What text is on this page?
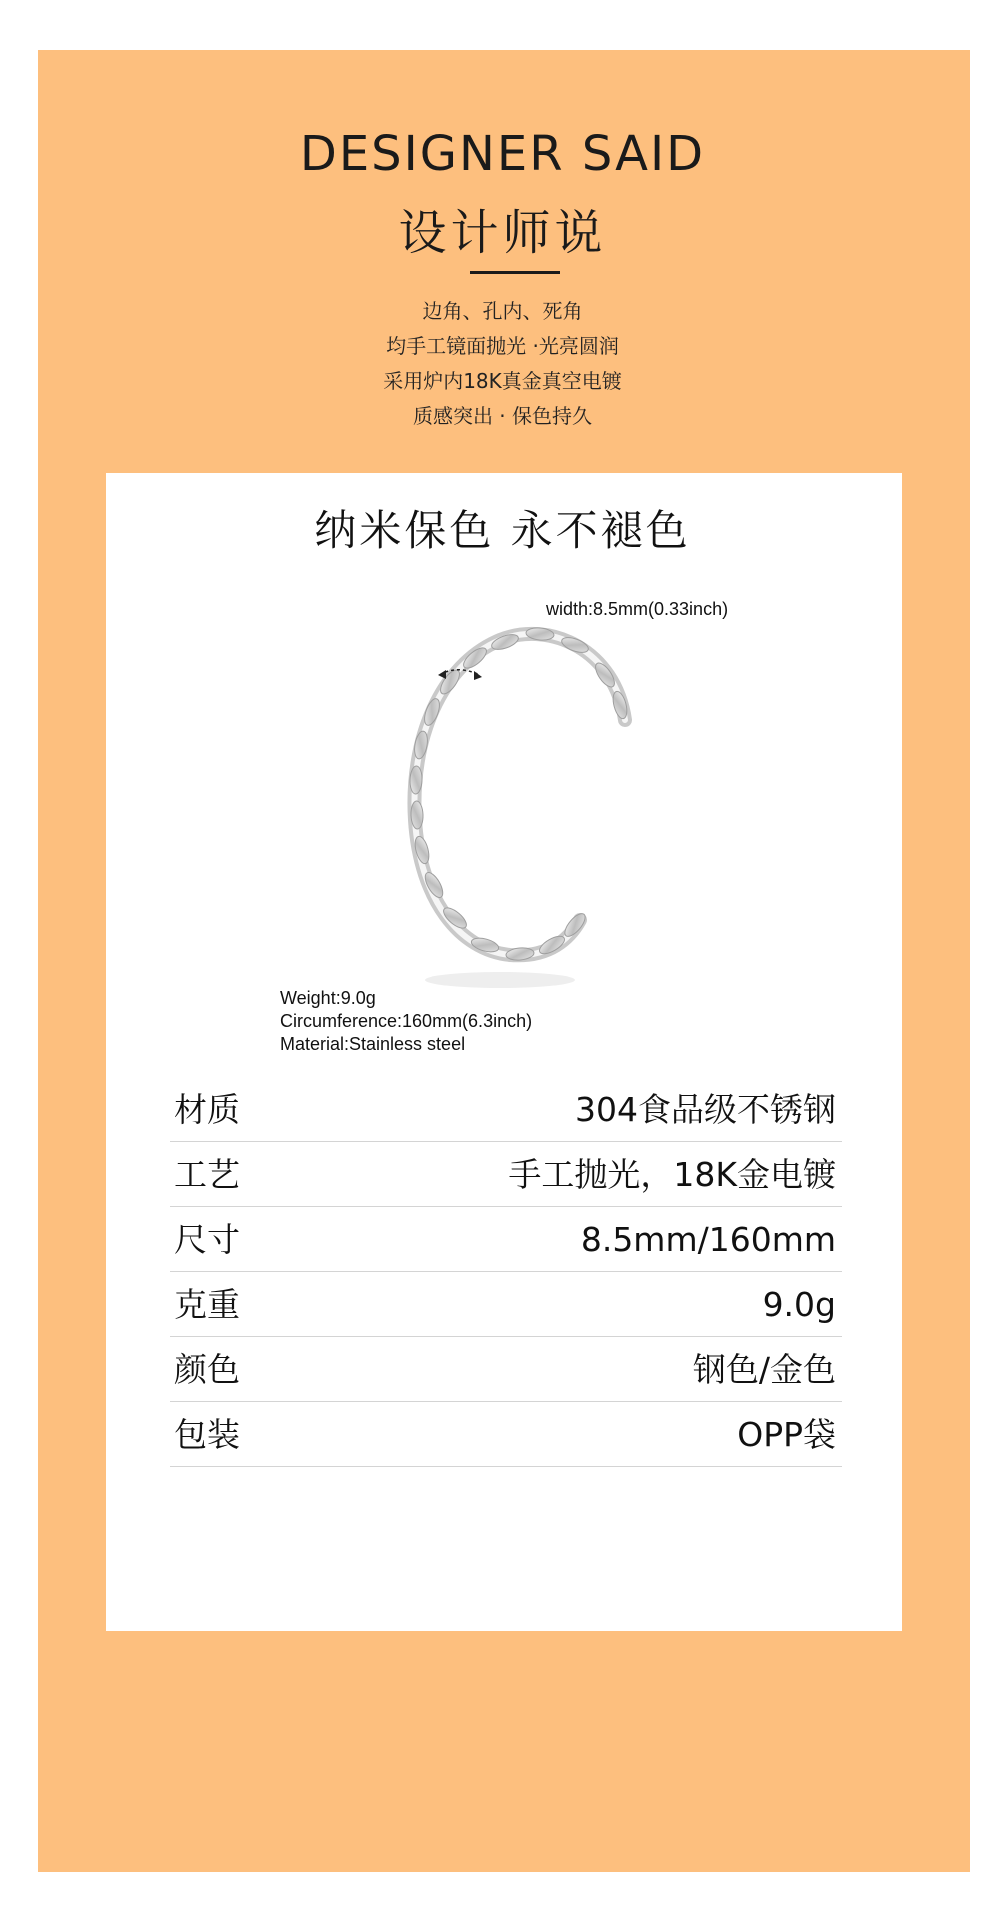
DESIGNER SAID
设计师说
边角、孔内、死角
均手工镜面抛光 ·光亮圆润
采用炉内18K真金真空电镀
质感突出 · 保色持久
纳米保色 永不褪色
width:8.5mm(0.33inch)
Weight:9.0g
Circumference:160mm(6.3inch)
Material:Stainless steel
材质	304食品级不锈钢
工艺	手工抛光，18K金电镀
尺寸	8.5mm/160mm
克重	9.0g
颜色	钢色/金色
包装	OPP袋
